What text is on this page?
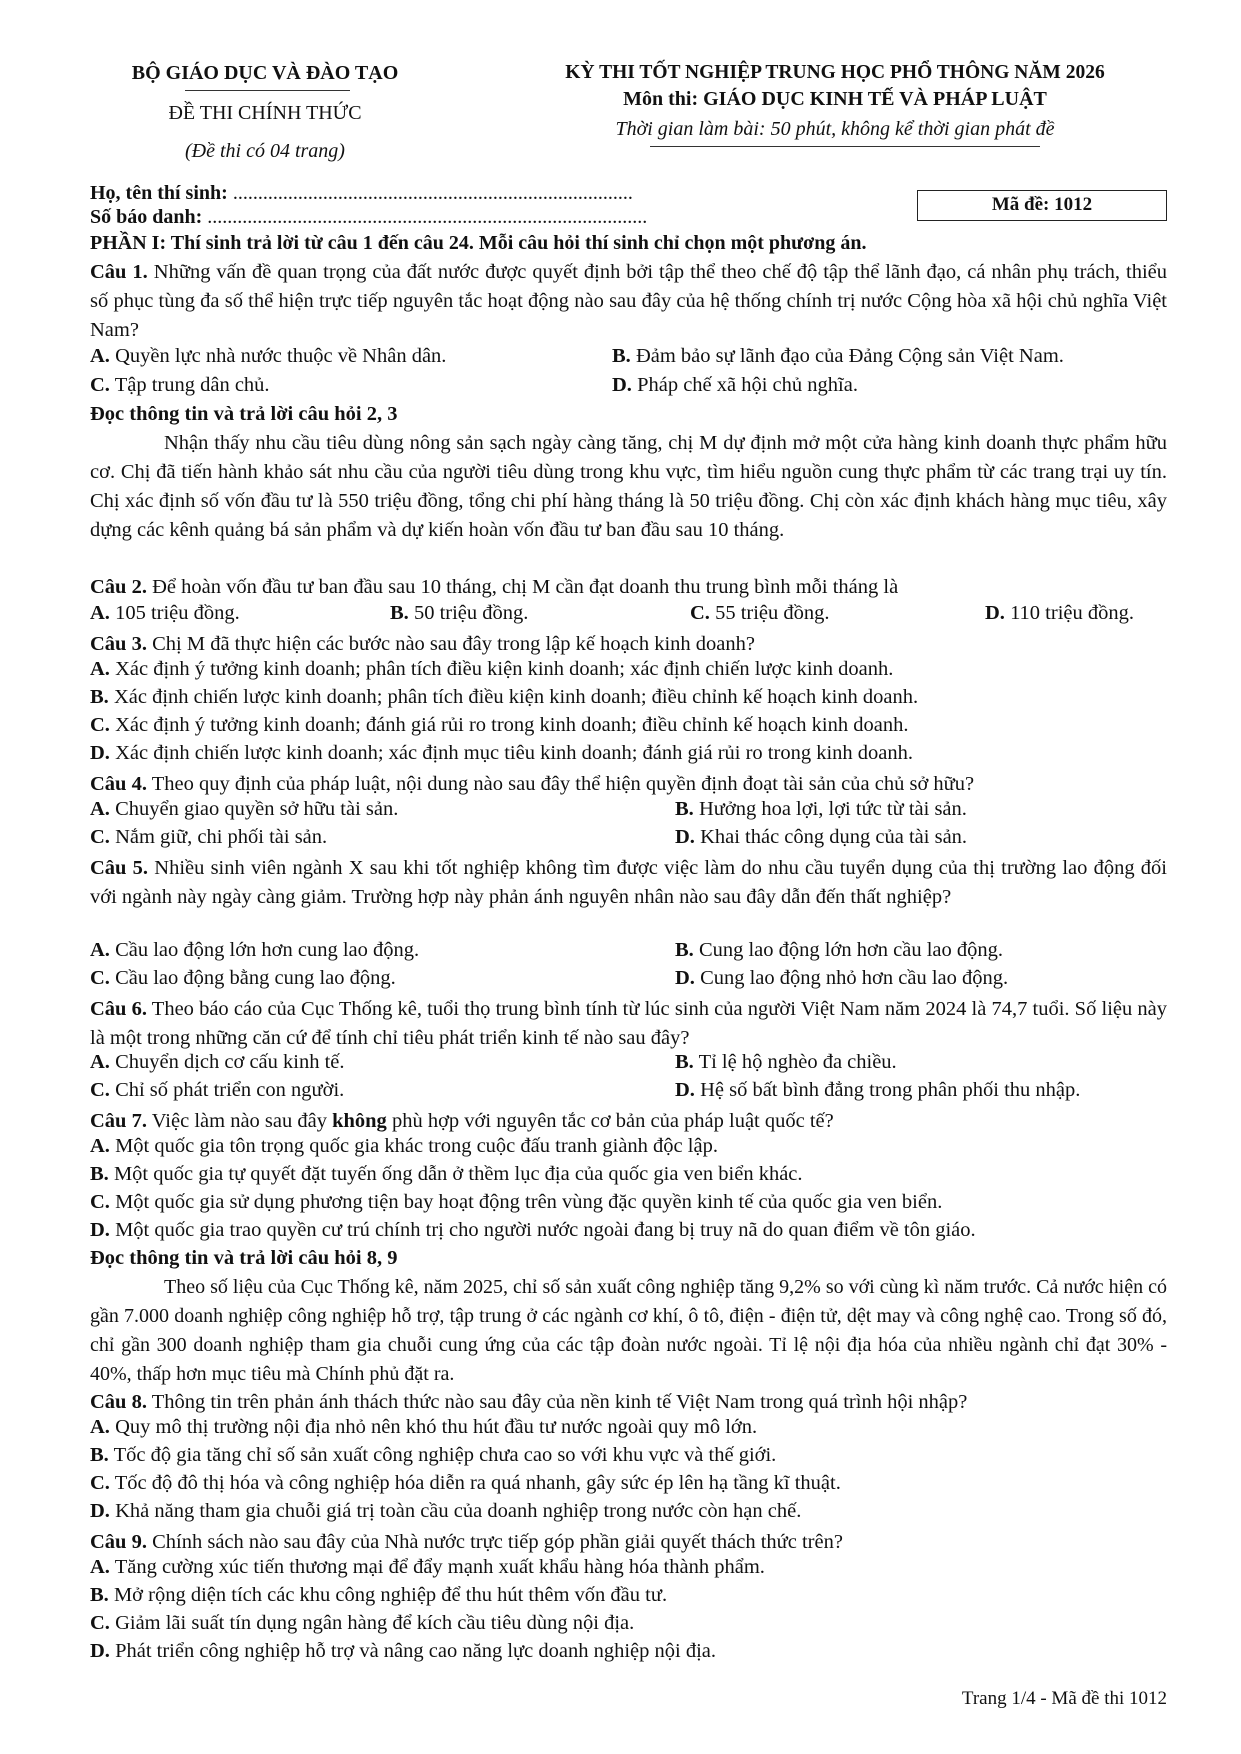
BỘ GIÁO DỤC VÀ ĐÀO TẠO
ĐỀ THI CHÍNH THỨC
(Đề thi có 04 trang)
KỲ THI TỐT NGHIỆP TRUNG HỌC PHỔ THÔNG NĂM 2026
Môn thi: GIÁO DỤC KINH TẾ VÀ PHÁP LUẬT
Thời gian làm bài: 50 phút, không kể thời gian phát đề
Họ, tên thí sinh: ................................................................................
Số báo danh: ........................................................................................
Mã đề: 1012
PHẦN I: Thí sinh trả lời từ câu 1 đến câu 24. Mỗi câu hỏi thí sinh chỉ chọn một phương án.
Câu 1. Những vấn đề quan trọng của đất nước được quyết định bởi tập thể theo chế độ tập thể lãnh đạo, cá nhân phụ trách, thiểu số phục tùng đa số thể hiện trực tiếp nguyên tắc hoạt động nào sau đây của hệ thống chính trị nước Cộng hòa xã hội chủ nghĩa Việt Nam?
A. Quyền lực nhà nước thuộc về Nhân dân.	B. Đảm bảo sự lãnh đạo của Đảng Cộng sản Việt Nam.
C. Tập trung dân chủ.	D. Pháp chế xã hội chủ nghĩa.
Đọc thông tin và trả lời câu hỏi 2, 3
Nhận thấy nhu cầu tiêu dùng nông sản sạch ngày càng tăng, chị M dự định mở một cửa hàng kinh doanh thực phẩm hữu cơ. Chị đã tiến hành khảo sát nhu cầu của người tiêu dùng trong khu vực, tìm hiểu nguồn cung thực phẩm từ các trang trại uy tín. Chị xác định số vốn đầu tư là 550 triệu đồng, tổng chi phí hàng tháng là 50 triệu đồng. Chị còn xác định khách hàng mục tiêu, xây dựng các kênh quảng bá sản phẩm và dự kiến hoàn vốn đầu tư ban đầu sau 10 tháng.
Câu 2. Để hoàn vốn đầu tư ban đầu sau 10 tháng, chị M cần đạt doanh thu trung bình mỗi tháng là
A. 105 triệu đồng.	B. 50 triệu đồng.	C. 55 triệu đồng.	D. 110 triệu đồng.
Câu 3. Chị M đã thực hiện các bước nào sau đây trong lập kế hoạch kinh doanh?
A. Xác định ý tưởng kinh doanh; phân tích điều kiện kinh doanh; xác định chiến lược kinh doanh.
B. Xác định chiến lược kinh doanh; phân tích điều kiện kinh doanh; điều chỉnh kế hoạch kinh doanh.
C. Xác định ý tưởng kinh doanh; đánh giá rủi ro trong kinh doanh; điều chỉnh kế hoạch kinh doanh.
D. Xác định chiến lược kinh doanh; xác định mục tiêu kinh doanh; đánh giá rủi ro trong kinh doanh.
Câu 4. Theo quy định của pháp luật, nội dung nào sau đây thể hiện quyền định đoạt tài sản của chủ sở hữu?
A. Chuyển giao quyền sở hữu tài sản.	B. Hưởng hoa lợi, lợi tức từ tài sản.
C. Nắm giữ, chi phối tài sản.	D. Khai thác công dụng của tài sản.
Câu 5. Nhiều sinh viên ngành X sau khi tốt nghiệp không tìm được việc làm do nhu cầu tuyển dụng của thị trường lao động đối với ngành này ngày càng giảm. Trường hợp này phản ánh nguyên nhân nào sau đây dẫn đến thất nghiệp?
A. Cầu lao động lớn hơn cung lao động.	B. Cung lao động lớn hơn cầu lao động.
C. Cầu lao động bằng cung lao động.	D. Cung lao động nhỏ hơn cầu lao động.
Câu 6. Theo báo cáo của Cục Thống kê, tuổi thọ trung bình tính từ lúc sinh của người Việt Nam năm 2024 là 74,7 tuổi. Số liệu này là một trong những căn cứ để tính chỉ tiêu phát triển kinh tế nào sau đây?
A. Chuyển dịch cơ cấu kinh tế.	B. Tỉ lệ hộ nghèo đa chiều.
C. Chỉ số phát triển con người.	D. Hệ số bất bình đẳng trong phân phối thu nhập.
Câu 7. Việc làm nào sau đây không phù hợp với nguyên tắc cơ bản của pháp luật quốc tế?
A. Một quốc gia tôn trọng quốc gia khác trong cuộc đấu tranh giành độc lập.
B. Một quốc gia tự quyết đặt tuyến ống dẫn ở thềm lục địa của quốc gia ven biển khác.
C. Một quốc gia sử dụng phương tiện bay hoạt động trên vùng đặc quyền kinh tế của quốc gia ven biển.
D. Một quốc gia trao quyền cư trú chính trị cho người nước ngoài đang bị truy nã do quan điểm về tôn giáo.
Đọc thông tin và trả lời câu hỏi 8, 9
Theo số liệu của Cục Thống kê, năm 2025, chỉ số sản xuất công nghiệp tăng 9,2% so với cùng kì năm trước. Cả nước hiện có gần 7.000 doanh nghiệp công nghiệp hỗ trợ, tập trung ở các ngành cơ khí, ô tô, điện - điện tử, dệt may và công nghệ cao. Trong số đó, chỉ gần 300 doanh nghiệp tham gia chuỗi cung ứng của các tập đoàn nước ngoài. Tỉ lệ nội địa hóa của nhiều ngành chỉ đạt 30% - 40%, thấp hơn mục tiêu mà Chính phủ đặt ra.
Câu 8. Thông tin trên phản ánh thách thức nào sau đây của nền kinh tế Việt Nam trong quá trình hội nhập?
A. Quy mô thị trường nội địa nhỏ nên khó thu hút đầu tư nước ngoài quy mô lớn.
B. Tốc độ gia tăng chỉ số sản xuất công nghiệp chưa cao so với khu vực và thế giới.
C. Tốc độ đô thị hóa và công nghiệp hóa diễn ra quá nhanh, gây sức ép lên hạ tầng kĩ thuật.
D. Khả năng tham gia chuỗi giá trị toàn cầu của doanh nghiệp trong nước còn hạn chế.
Câu 9. Chính sách nào sau đây của Nhà nước trực tiếp góp phần giải quyết thách thức trên?
A. Tăng cường xúc tiến thương mại để đẩy mạnh xuất khẩu hàng hóa thành phẩm.
B. Mở rộng diện tích các khu công nghiệp để thu hút thêm vốn đầu tư.
C. Giảm lãi suất tín dụng ngân hàng để kích cầu tiêu dùng nội địa.
D. Phát triển công nghiệp hỗ trợ và nâng cao năng lực doanh nghiệp nội địa.
Trang 1/4 - Mã đề thi 1012
